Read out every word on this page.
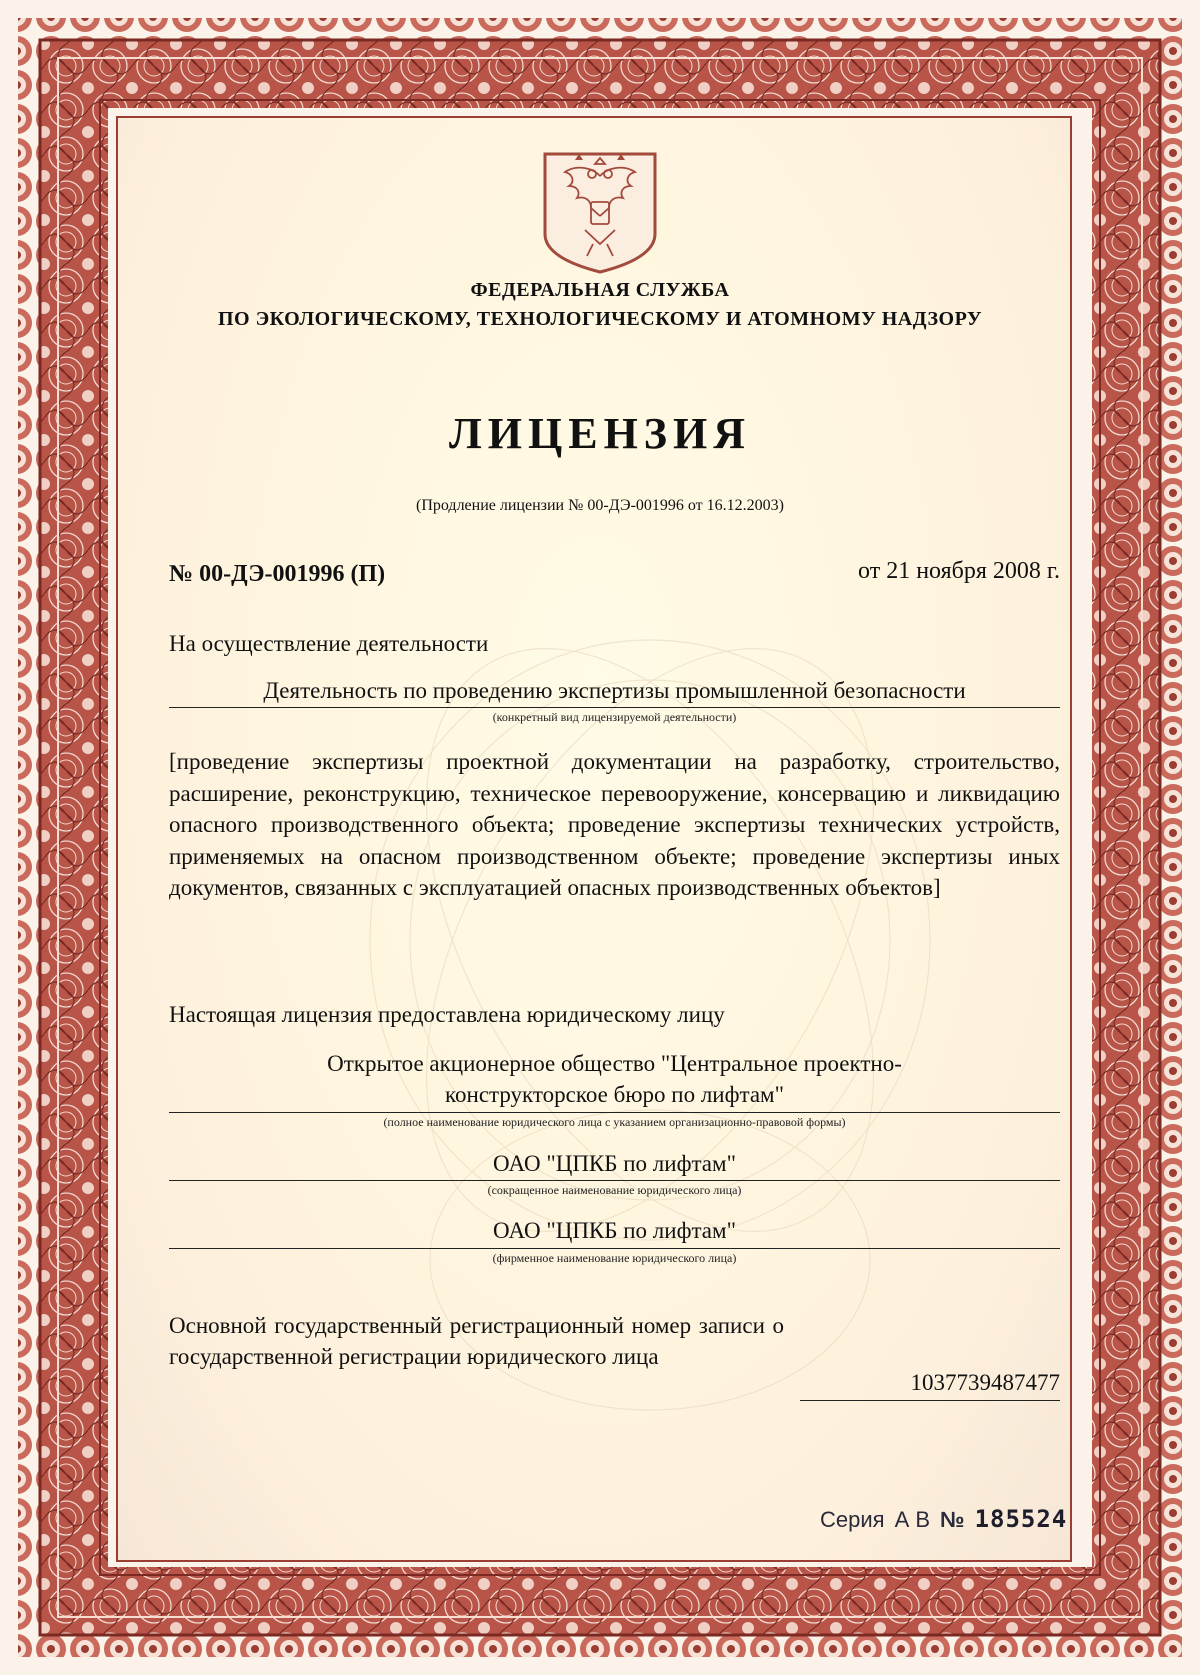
ФЕДЕРАЛЬНАЯ СЛУЖБА
ПО ЭКОЛОГИЧЕСКОМУ, ТЕХНОЛОГИЧЕСКОМУ И АТОМНОМУ НАДЗОРУ
ЛИЦЕНЗИЯ
(Продление лицензии № 00-ДЭ-001996 от 16.12.2003)
№ 00-ДЭ-001996 (П)	от 21 ноября 2008 г.
На осуществление деятельности
Деятельность по проведению экспертизы промышленной безопасности
(конкретный вид лицензируемой деятельности)
[проведение экспертизы проектной документации на разработку, строительство, расширение, реконструкцию, техническое перевооружение, консервацию и ликвидацию опасного производственного объекта; проведение экспертизы технических устройств, применяемых на опасном производственном объекте; проведение экспертизы иных документов, связанных с эксплуатацией опасных производственных объектов]
Настоящая лицензия предоставлена юридическому лицу
Открытое акционерное общество "Центральное проектно-
конструкторское бюро по лифтам"
(полное наименование юридического лица с указанием организационно-правовой формы)
ОАО "ЦПКБ по лифтам"
(сокращенное наименование юридического лица)
ОАО "ЦПКБ по лифтам"
(фирменное наименование юридического лица)
Основной государственный регистрационный номер записи о государственной регистрации юридического лица
1037739487477
Серия А В № 185524
